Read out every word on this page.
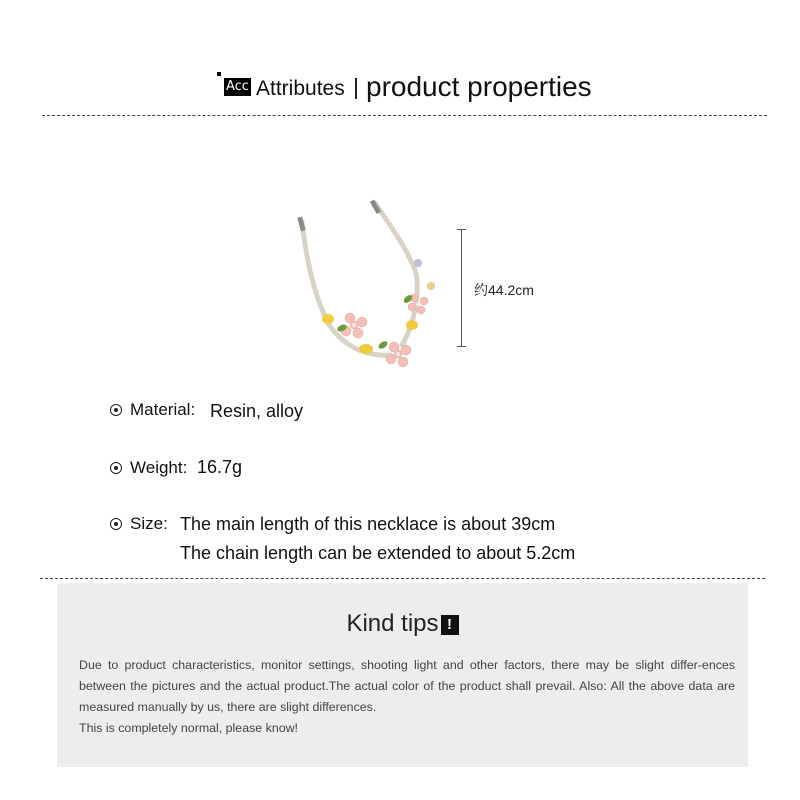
Acc Attributes product properties
约44.2cm
Material: Resin, alloy
Weight: 16.7g
Size: The main length of this necklace is about 39cm
The chain length can be extended to about 5.2cm
Kind tips !
Due to product characteristics, monitor settings, shooting light and other factors, there may be slight differ-ences between the pictures and the actual product.The actual color of the product shall prevail. Also: All the above data are measured manually by us, there are slight differences.
This is completely normal, please know!
